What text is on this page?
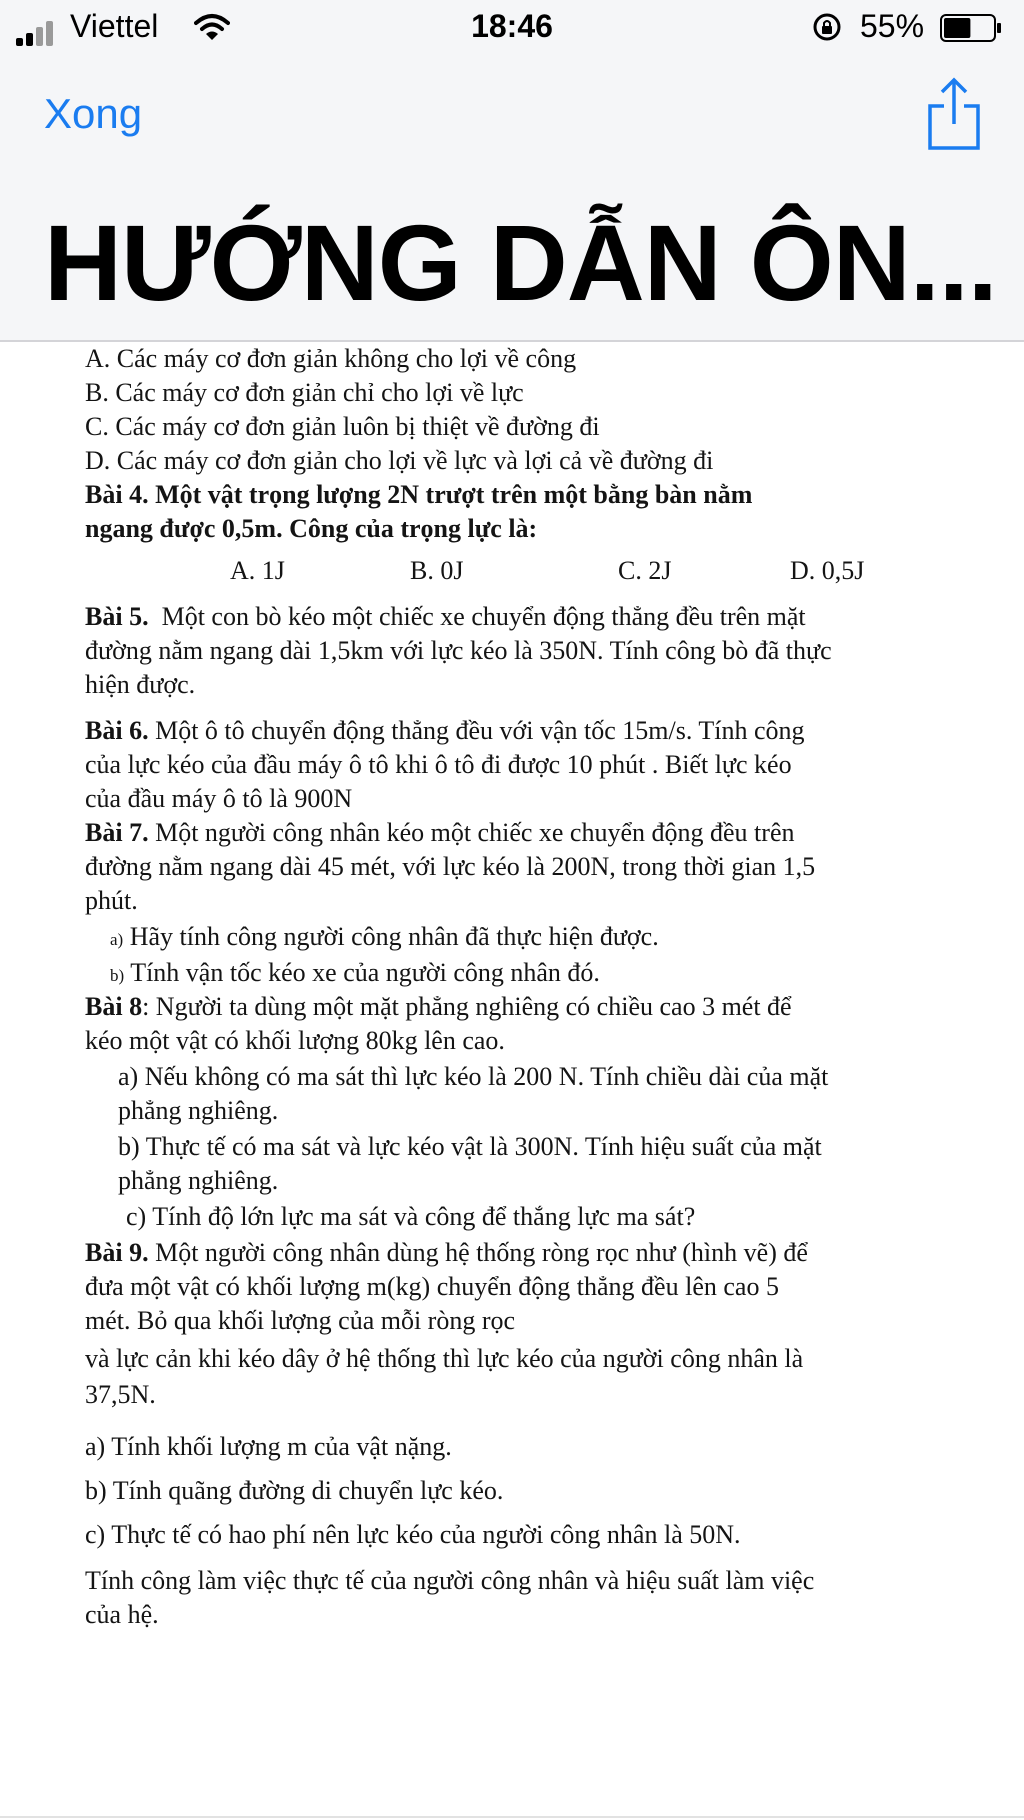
Viettel	18:46	55%
Xong
HƯỚNG DẪN ÔN...
A. Các máy cơ đơn giản không cho lợi về công
B. Các máy cơ đơn giản chỉ cho lợi về lực
C. Các máy cơ đơn giản luôn bị thiệt về đường đi
D. Các máy cơ đơn giản cho lợi về lực và lợi cả về đường đi
Bài 4. Một vật trọng lượng 2N trượt trên một bằng bàn nằm
ngang được 0,5m. Công của trọng lực là:
A. 1J	B. 0J	C. 2J	D. 0,5J
Bài 5.  Một con bò kéo một chiếc xe chuyển động thẳng đều trên mặt
đường nằm ngang dài 1,5km với lực kéo là 350N. Tính công bò đã thực
hiện được.
Bài 6. Một ô tô chuyển động thẳng đều với vận tốc 15m/s. Tính công
của lực kéo của đầu máy ô tô khi ô tô đi được 10 phút . Biết lực kéo
của đầu máy ô tô là 900N
Bài 7. Một người công nhân kéo một chiếc xe chuyển động đều trên
đường nằm ngang dài 45 mét, với lực kéo là 200N, trong thời gian 1,5
phút.
a) Hãy tính công người công nhân đã thực hiện được.
b) Tính vận tốc kéo xe của người công nhân đó.
Bài 8: Người ta dùng một mặt phẳng nghiêng có chiều cao 3 mét để
kéo một vật có khối lượng 80kg lên cao.
a) Nếu không có ma sát thì lực kéo là 200 N. Tính chiều dài của mặt
phẳng nghiêng.
b) Thực tế có ma sát và lực kéo vật là 300N. Tính hiệu suất của mặt
phẳng nghiêng.
c) Tính độ lớn lực ma sát và công để thắng lực ma sát?
Bài 9. Một người công nhân dùng hệ thống ròng rọc như (hình vẽ) để
đưa một vật có khối lượng m(kg) chuyển động thẳng đều lên cao 5
mét. Bỏ qua khối lượng của mỗi ròng rọc
và lực cản khi kéo dây ở hệ thống thì lực kéo của người công nhân là
37,5N.
a) Tính khối lượng m của vật nặng.
b) Tính quãng đường di chuyển lực kéo.
c) Thực tế có hao phí nên lực kéo của người công nhân là 50N.
Tính công làm việc thực tế của người công nhân và hiệu suất làm việc
của hệ.
